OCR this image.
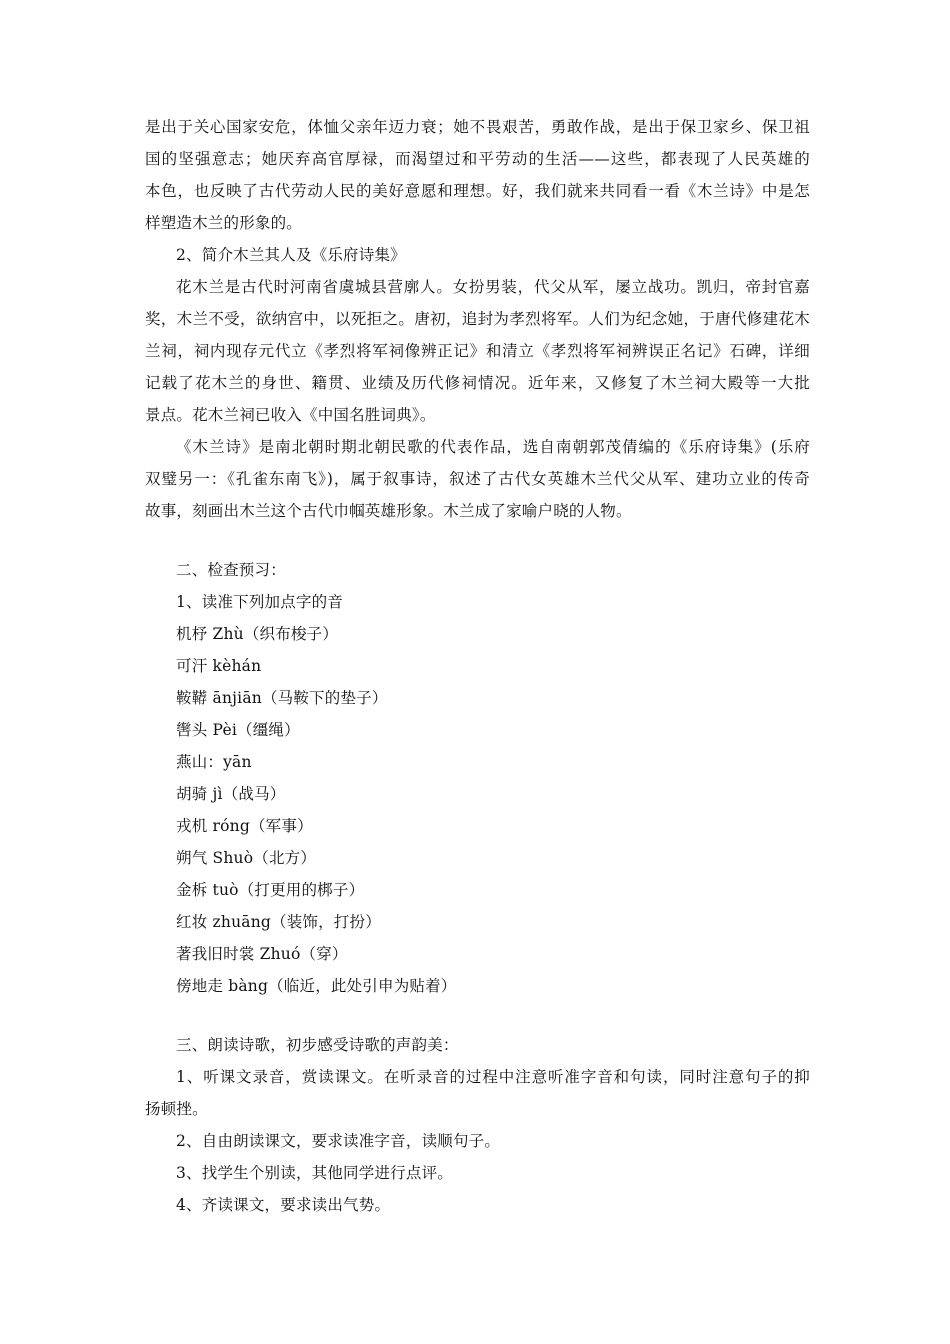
是出于关心国家安危，体恤父亲年迈力衰；她不畏艰苦，勇敢作战，是出于保卫家乡、保卫祖
国的坚强意志；她厌弃高官厚禄，而渴望过和平劳动的生活——这些，都表现了人民英雄的
本色，也反映了古代劳动人民的美好意愿和理想。好，我们就来共同看一看《木兰诗》中是怎
样塑造木兰的形象的。
2、简介木兰其人及《乐府诗集》
花木兰是古代时河南省虞城县营廓人。女扮男装，代父从军，屡立战功。凯归，帝封官嘉
奖，木兰不受，欲纳宫中，以死拒之。唐初，追封为孝烈将军。人们为纪念她，于唐代修建花木
兰祠，祠内现存元代立《孝烈将军祠像辨正记》和清立《孝烈将军祠辨误正名记》石碑，详细
记载了花木兰的身世、籍贯、业绩及历代修祠情况。近年来，又修复了木兰祠大殿等一大批
景点。花木兰祠已收入《中国名胜词典》。
《木兰诗》是南北朝时期北朝民歌的代表作品，选自南朝郭茂倩编的《乐府诗集》(乐府
双璧另一：《孔雀东南飞》)，属于叙事诗，叙述了古代女英雄木兰代父从军、建功立业的传奇
故事，刻画出木兰这个古代巾帼英雄形象。木兰成了家喻户晓的人物。
二、检查预习：
1、读准下列加点字的音
机杼 Zhù（织布梭子）
可汗 kèhán
鞍鞯 ānjiān（马鞍下的垫子）
辔头 Pèi（缰绳）
燕山：yān
胡骑 jì（战马）
戎机 róng（军事）
朔气 Shuò（北方）
金柝 tuò（打更用的梆子）
红妆 zhuāng（装饰，打扮）
著我旧时裳 Zhuó（穿）
傍地走 bàng（临近，此处引申为贴着）
三、朗读诗歌，初步感受诗歌的声韵美：
1、听课文录音，赏读课文。在听录音的过程中注意听准字音和句读，同时注意句子的抑
扬顿挫。
2、自由朗读课文，要求读准字音，读顺句子。
3、找学生个别读，其他同学进行点评。
4、齐读课文，要求读出气势。
